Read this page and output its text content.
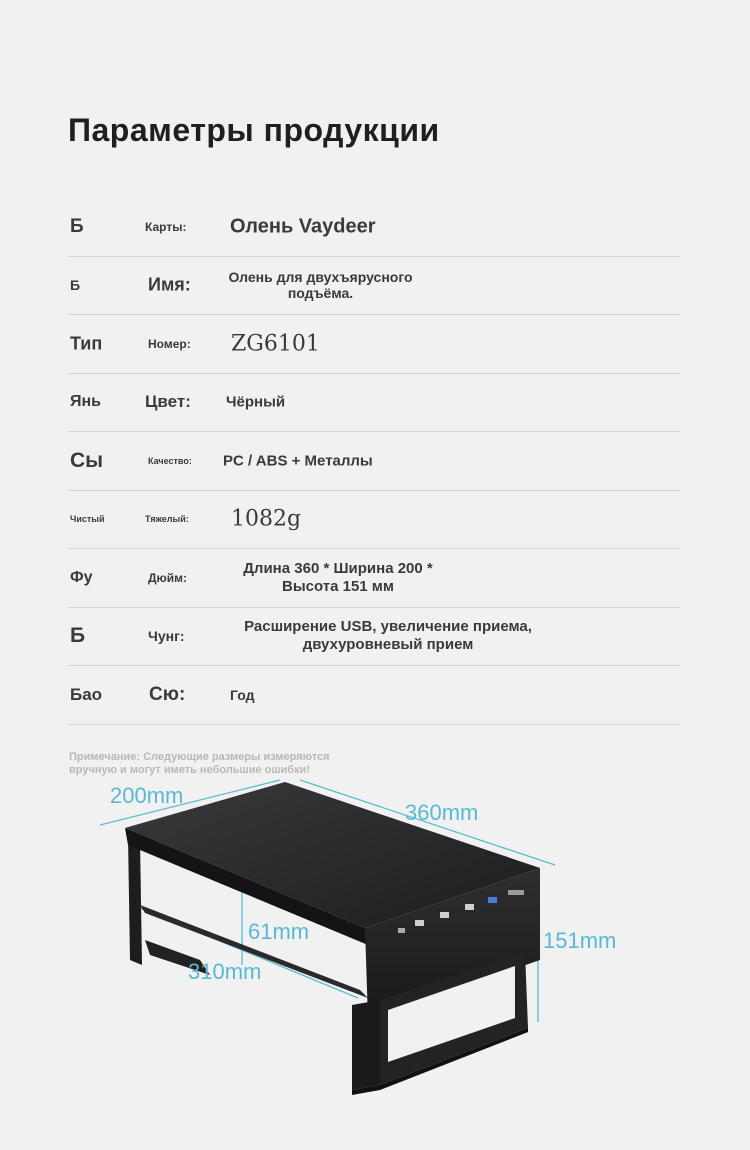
Параметры продукции
Б	Карты: Олень Vaydeer
Б	Имя:	Олень для двухъярусного
подъёма.
Тип	Номер: ZG6101
Янь	Цвет: Чёрный
Сы	Качество: PC / ABS + Металлы
Чистый	Тяжелый: 1082g
Фу	Дюйм:
Длина 360 * Ширина 200 *
Высота 151 мм
Б	Чунг:
Расширение USB, увеличение приема,
двухуровневый прием
Бао Сю:	Год
Примечание: Следующие размеры измеряются
вручную и могут иметь небольшие ошибки!
200mm
360mm
151mm
61mm
310mm
